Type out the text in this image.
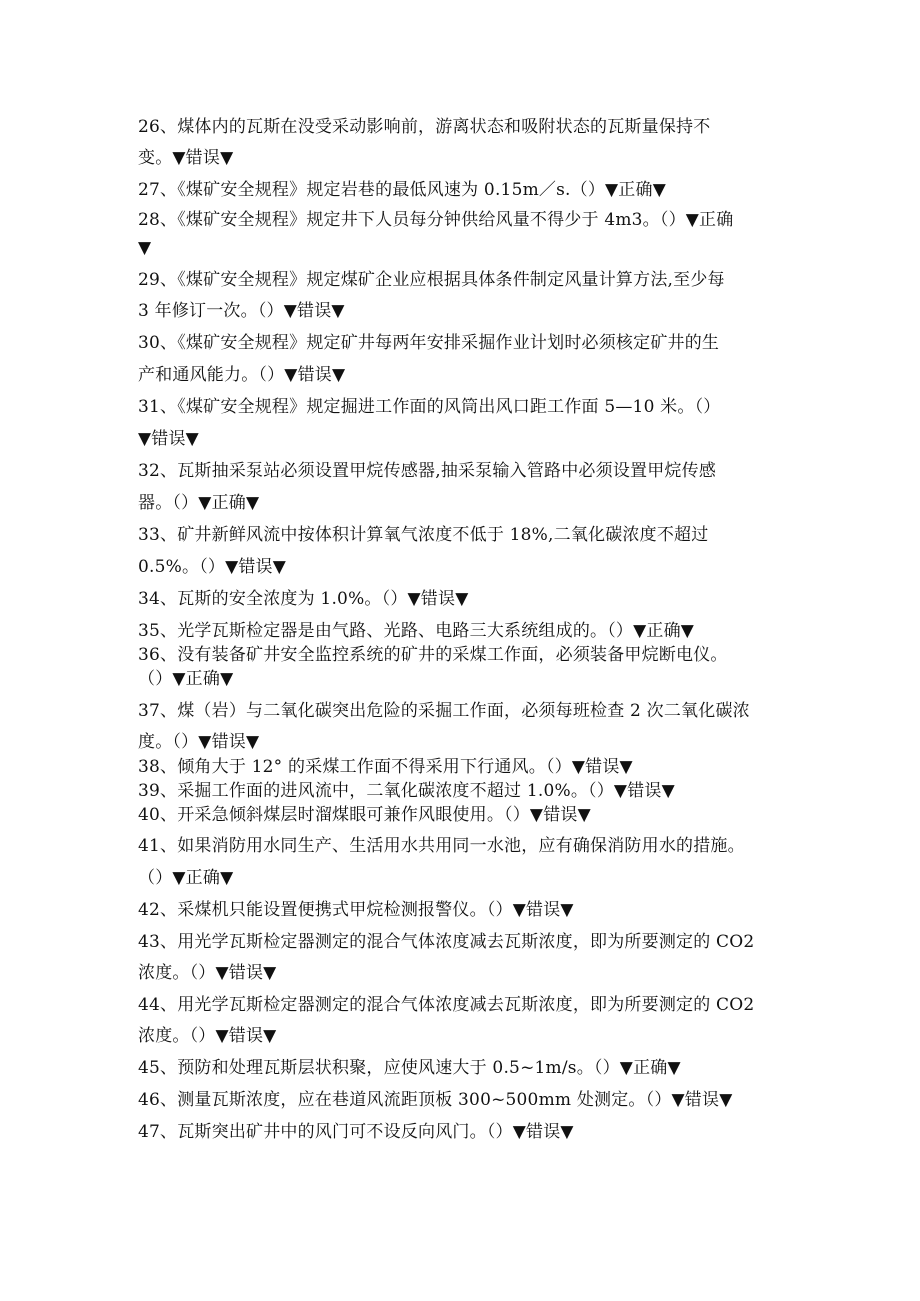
26、煤体内的瓦斯在没受采动影响前，游离状态和吸附状态的瓦斯量保持不
变。▼错误▼
27、《煤矿安全规程》规定岩巷的最低风速为 0.15m／s.（）▼正确▼
28、《煤矿安全规程》规定井下人员每分钟供给风量不得少于 4m3。（）▼正确
▼
29、《煤矿安全规程》规定煤矿企业应根据具体条件制定风量计算方法,至少每
3 年修订一次。（）▼错误▼
30、《煤矿安全规程》规定矿井每两年安排采掘作业计划时必须核定矿井的生
产和通风能力。（）▼错误▼
31、《煤矿安全规程》规定掘进工作面的风筒出风口距工作面 5—10 米。（）
▼错误▼
32、瓦斯抽采泵站必须设置甲烷传感器,抽采泵输入管路中必须设置甲烷传感
器。（）▼正确▼
33、矿井新鲜风流中按体积计算氧气浓度不低于 18%,二氧化碳浓度不超过
0.5%。（）▼错误▼
34、瓦斯的安全浓度为 1.0%。（）▼错误▼
35、光学瓦斯检定器是由气路、光路、电路三大系统组成的。（）▼正确▼
36、没有装备矿井安全监控系统的矿井的采煤工作面，必须装备甲烷断电仪。
（）▼正确▼
37、煤（岩）与二氧化碳突出危险的采掘工作面，必须每班检查 2 次二氧化碳浓
度。（）▼错误▼
38、倾角大于 12° 的采煤工作面不得采用下行通风。（）▼错误▼
39、采掘工作面的进风流中，二氧化碳浓度不超过 1.0%。（）▼错误▼
40、开采急倾斜煤层时溜煤眼可兼作风眼使用。（）▼错误▼
41、如果消防用水同生产、生活用水共用同一水池，应有确保消防用水的措施。
（）▼正确▼
42、采煤机只能设置便携式甲烷检测报警仪。（）▼错误▼
43、用光学瓦斯检定器测定的混合气体浓度减去瓦斯浓度，即为所要测定的 CO2
浓度。（）▼错误▼
44、用光学瓦斯检定器测定的混合气体浓度减去瓦斯浓度，即为所要测定的 CO2
浓度。（）▼错误▼
45、预防和处理瓦斯层状积聚，应使风速大于 0.5~1m/s。（）▼正确▼
46、测量瓦斯浓度，应在巷道风流距顶板 300~500mm 处测定。（）▼错误▼
47、瓦斯突出矿井中的风门可不设反向风门。（）▼错误▼
